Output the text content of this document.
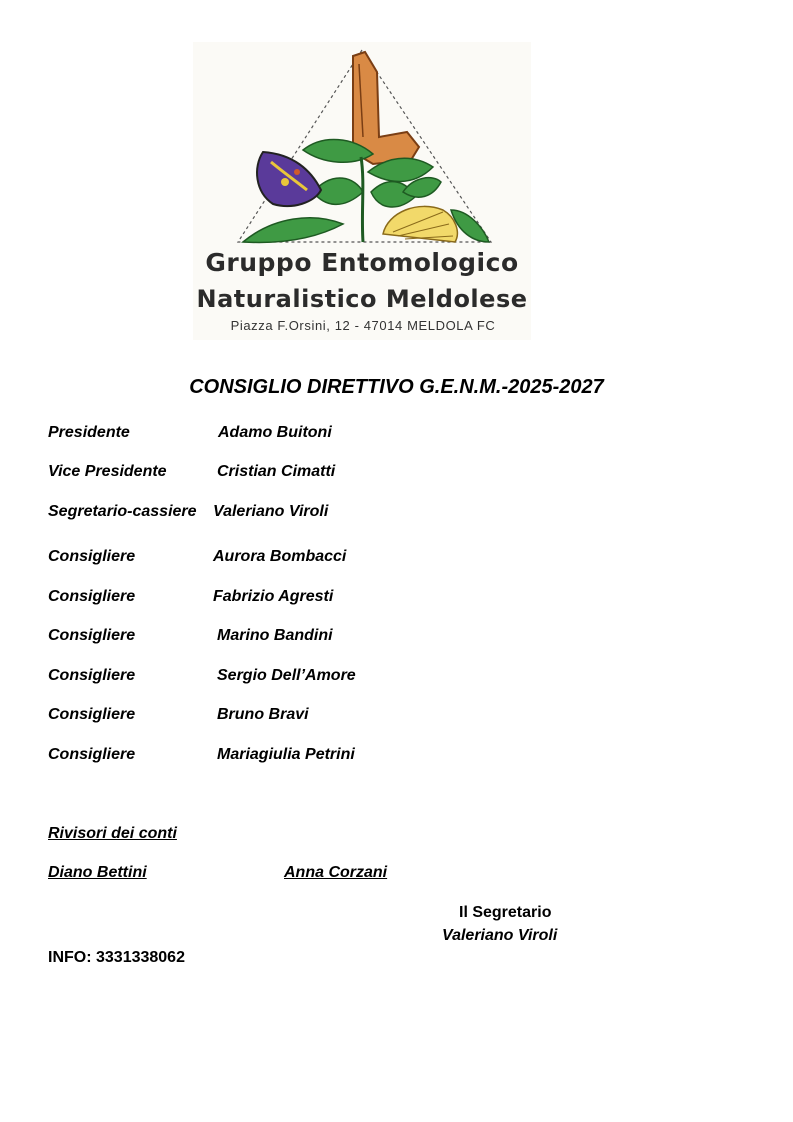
Gruppo Entomologico
Naturalistico Meldolese
Piazza F.Orsini, 12 - 47014 MELDOLA FC
CONSIGLIO DIRETTIVO G.E.N.M.-2025-2027
Presidente	Adamo Buitoni
Vice Presidente	Cristian Cimatti
Segretario-cassiere Valeriano Viroli
Consigliere	Aurora Bombacci
Consigliere	Fabrizio Agresti
Consigliere	Marino Bandini
Consigliere	Sergio Dell’Amore
Consigliere	Bruno Bravi
Consigliere	Mariagiulia Petrini
Rivisori dei conti
Diano Bettini	Anna Corzani
Il Segretario
Valeriano Viroli
INFO: 3331338062
